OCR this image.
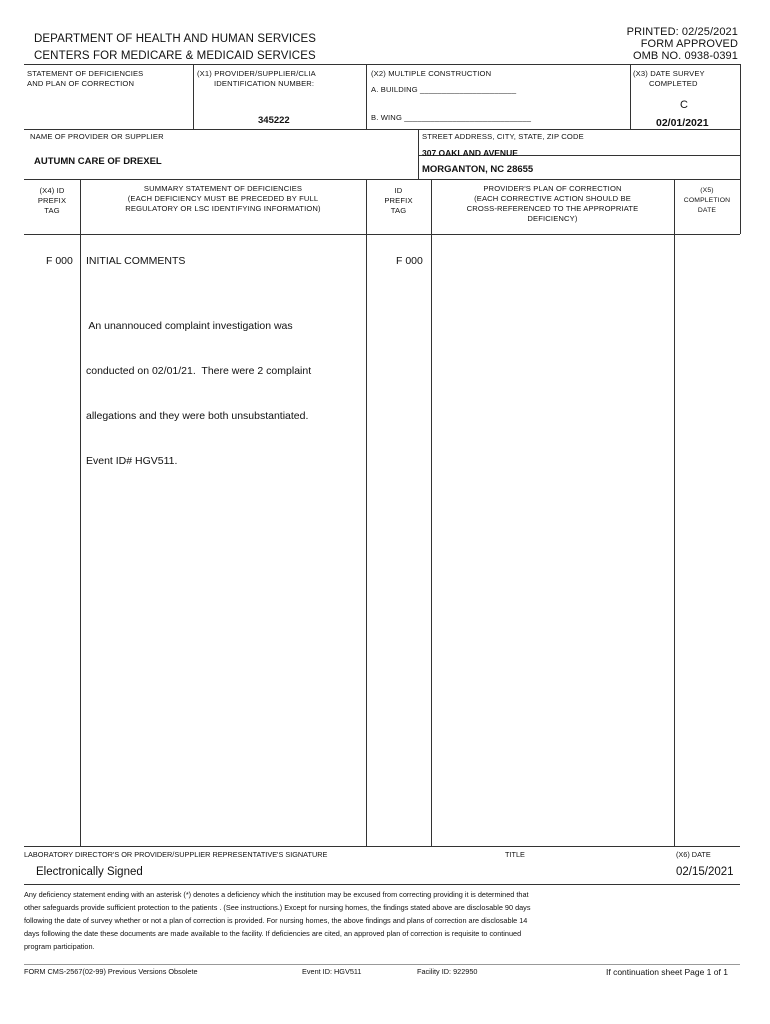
DEPARTMENT OF HEALTH AND HUMAN SERVICES
CENTERS FOR MEDICARE & MEDICAID SERVICES
PRINTED: 02/25/2021
FORM APPROVED
OMB NO. 0938-0391
STATEMENT OF DEFICIENCIES
AND PLAN OF CORRECTION
(X1) PROVIDER/SUPPLIER/CLIA
IDENTIFICATION NUMBER:
345222
(X2) MULTIPLE CONSTRUCTION
A. BUILDING ______________________
B. WING _____________________________
(X3) DATE SURVEY
COMPLETED
C
02/01/2021
NAME OF PROVIDER OR SUPPLIER
AUTUMN CARE OF DREXEL
STREET ADDRESS, CITY, STATE, ZIP CODE
307 OAKLAND AVENUE
MORGANTON, NC 28655
(X4) ID
PREFIX
TAG
SUMMARY STATEMENT OF DEFICIENCIES
(EACH DEFICIENCY MUST BE PRECEDED BY FULL
REGULATORY OR LSC IDENTIFYING INFORMATION)
ID
PREFIX
TAG
PROVIDER'S PLAN OF CORRECTION
(EACH CORRECTIVE ACTION SHOULD BE
CROSS-REFERENCED TO THE APPROPRIATE
DEFICIENCY)
(X5)
COMPLETION
DATE
F 000 INITIAL COMMENTS	F 000

An unannouced complaint investigation was

conducted on 02/01/21.  There were 2 complaint

allegations and they were both unsubstantiated.

Event ID# HGV511.

LABORATORY DIRECTOR'S OR PROVIDER/SUPPLIER REPRESENTATIVE'S SIGNATURE
Electronically Signed
TITLE	(X6) DATE
02/15/2021
Any deficiency statement ending with an asterisk (*) denotes a deficiency which the institution may be excused from correcting providing it is determined that
other safeguards provide sufficient protection to the patients . (See instructions.) Except for nursing homes, the findings stated above are disclosable 90 days
following the date of survey whether or not a plan of correction is provided. For nursing homes, the above findings and plans of correction are disclosable 14
days following the date these documents are made available to the facility. If deficiencies are cited, an approved plan of correction is requisite to continued
program participation.
FORM CMS-2567(02-99) Previous Versions Obsolete	Event ID: HGV511	Facility ID: 922950	If continuation sheet Page 1 of 1
